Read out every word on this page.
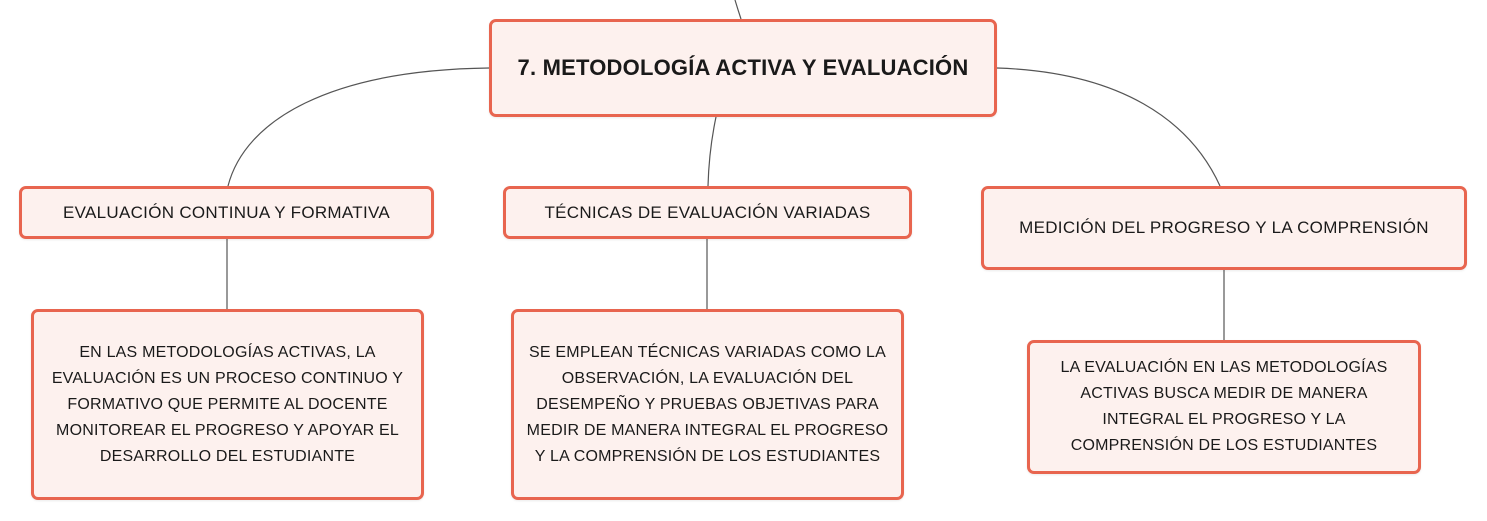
7. METODOLOGÍA ACTIVA Y EVALUACIÓN
EVALUACIÓN CONTINUA Y FORMATIVA	TÉCNICAS DE EVALUACIÓN VARIADAS
MEDICIÓN DEL PROGRESO Y LA COMPRENSIÓN
EN LAS METODOLOGÍAS ACTIVAS, LA EVALUACIÓN ES UN PROCESO CONTINUO Y FORMATIVO QUE PERMITE AL DOCENTE MONITOREAR EL PROGRESO Y APOYAR EL DESARROLLO DEL ESTUDIANTE
SE EMPLEAN TÉCNICAS VARIADAS COMO LA OBSERVACIÓN, LA EVALUACIÓN DEL DESEMPEÑO Y PRUEBAS OBJETIVAS PARA MEDIR DE MANERA INTEGRAL EL PROGRESO Y LA COMPRENSIÓN DE LOS ESTUDIANTES
LA EVALUACIÓN EN LAS METODOLOGÍAS ACTIVAS BUSCA MEDIR DE MANERA INTEGRAL EL PROGRESO Y LA COMPRENSIÓN DE LOS ESTUDIANTES
